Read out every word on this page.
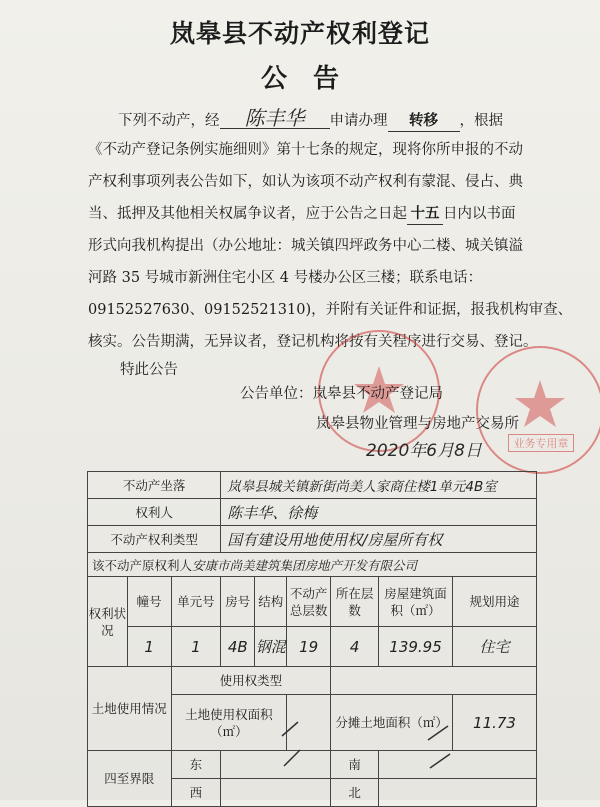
岚皋县不动产权利登记
公告
下列不动产，经 陈丰华 申请办理 转移 ，根据
《不动产登记条例实施细则》第十七条的规定，现将你所申报的不动
产权利事项列表公告如下，如认为该项不动产权利有蒙混、侵占、典
当、抵押及其他相关权属争议者，应于公告之日起 十五 日内以书面
形式向我机构提出（办公地址：城关镇四坪政务中心二楼、城关镇溢
河路 35 号城市新洲住宅小区 4 号楼办公区三楼；联系电话：
09152527630、09152521310)，并附有关证件和证据，报我机构审查、
核实。公告期满，无异议者，登记机构将按有关程序进行交易、登记。
特此公告
业务专用章
公告单位：岚皋县不动产登记局
岚皋县物业管理与房地产交易所
2020年6月8日
不动产坐落			岚皋县城关镇新街尚美人家商住楼1单元4B室					
权利人			陈丰华、徐梅					
不动产权利类型			国有建设用地使用权/房屋所有权					
该不动产原权利人安康市尚美建筑集团房地产开发有限公司								
权利状况	幢号	单元号	房号	结构	不动产总层数	所在层数	房屋建筑面积（㎡）	规划用途
	1	1	4B	钢混	19	4	139.95	住宅
土地使用情况		使用权类型						
		土地使用权面积（㎡）				分摊土地面积（㎡）		11.73
四至界限		东				南		
		西				北		
